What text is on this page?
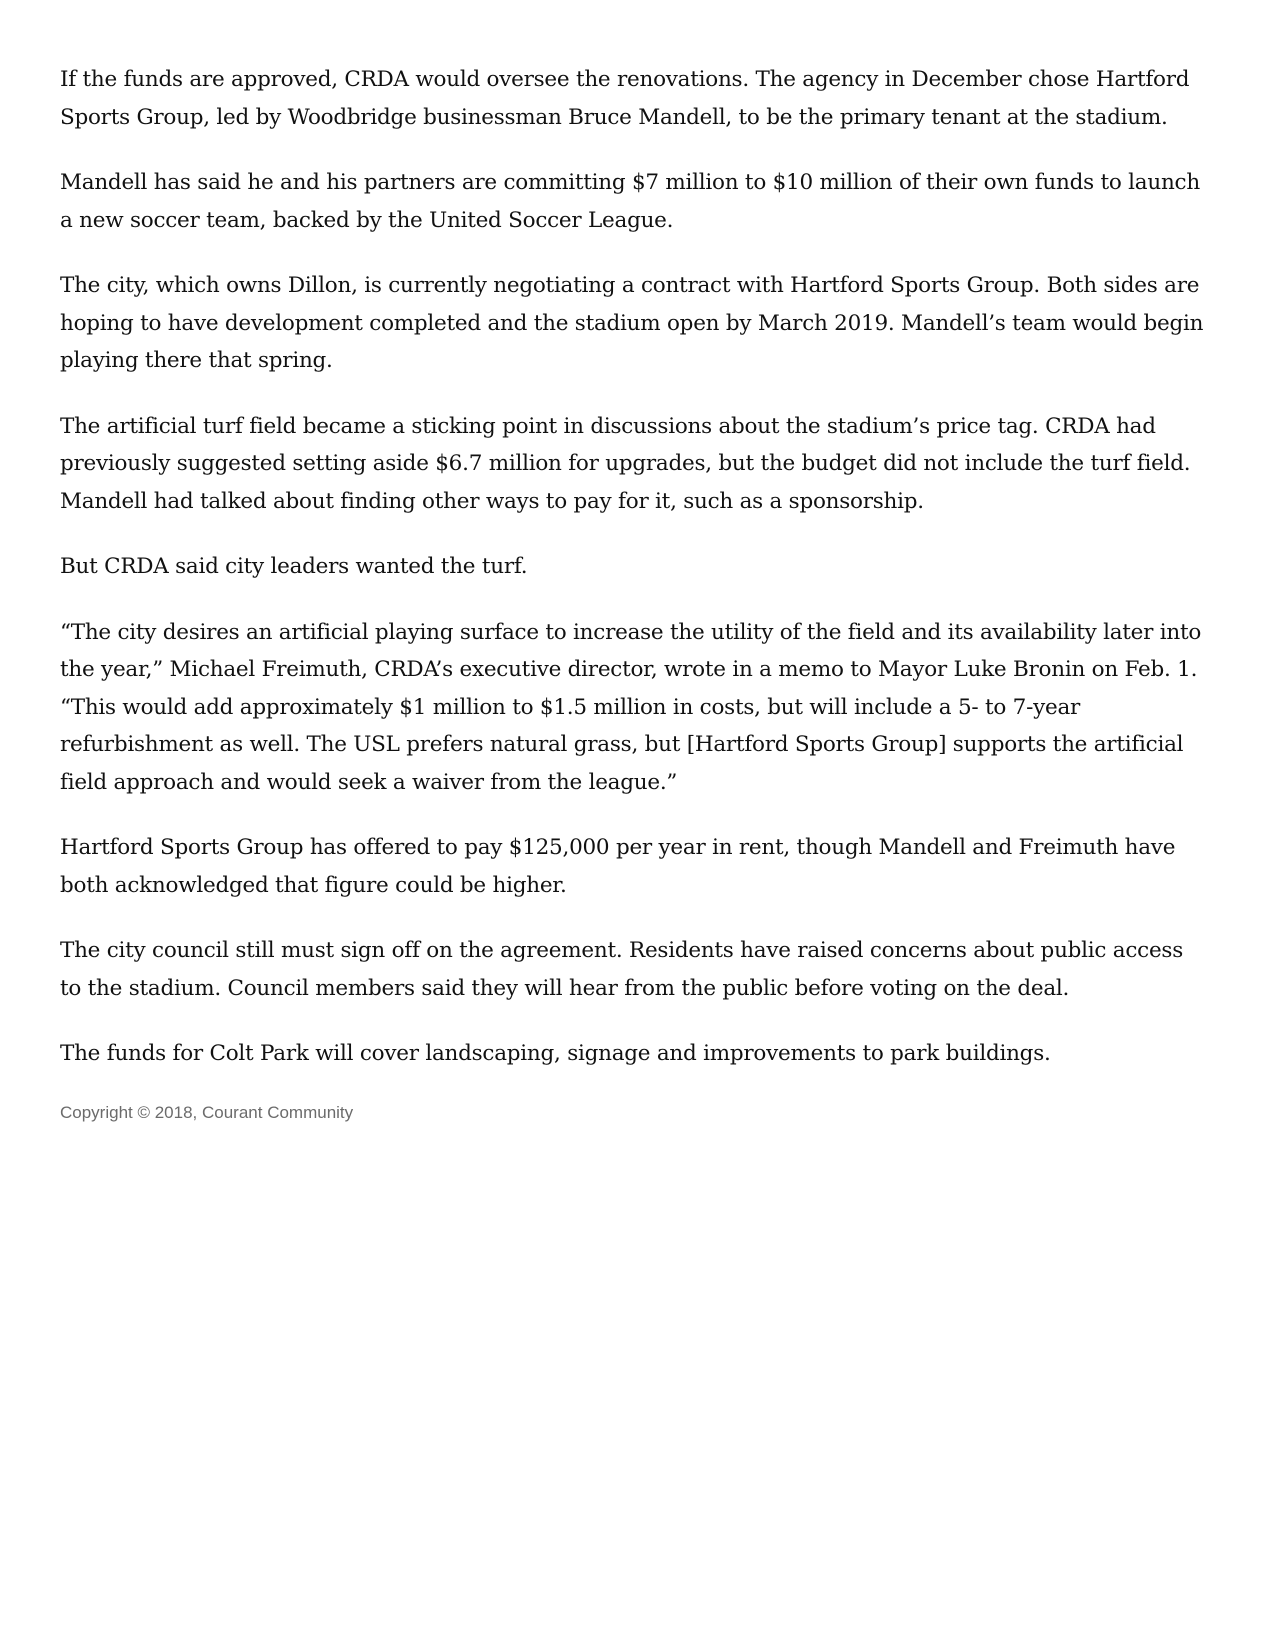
If the funds are approved, CRDA would oversee the renovations. The agency in December chose Hartford Sports Group, led by Woodbridge businessman Bruce Mandell, to be the primary tenant at the stadium.

Mandell has said he and his partners are committing $7 million to $10 million of their own funds to launch a new soccer team, backed by the United Soccer League.

The city, which owns Dillon, is currently negotiating a contract with Hartford Sports Group. Both sides are hoping to have development completed and the stadium open by March 2019. Mandell’s team would begin playing there that spring.

The artificial turf field became a sticking point in discussions about the stadium’s price tag. CRDA had previously suggested setting aside $6.7 million for upgrades, but the budget did not include the turf field. Mandell had talked about finding other ways to pay for it, such as a sponsorship.

But CRDA said city leaders wanted the turf.

“The city desires an artificial playing surface to increase the utility of the field and its availability later into the year,” Michael Freimuth, CRDA’s executive director, wrote in a memo to Mayor Luke Bronin on Feb. 1. “This would add approximately $1 million to $1.5 million in costs, but will include a 5- to 7-year refurbishment as well. The USL prefers natural grass, but [Hartford Sports Group] supports the artificial field approach and would seek a waiver from the league.”

Hartford Sports Group has offered to pay $125,000 per year in rent, though Mandell and Freimuth have both acknowledged that figure could be higher.

The city council still must sign off on the agreement. Residents have raised concerns about public access to the stadium. Council members said they will hear from the public before voting on the deal.

The funds for Colt Park will cover landscaping, signage and improvements to park buildings.

Copyright © 2018, Courant Community
